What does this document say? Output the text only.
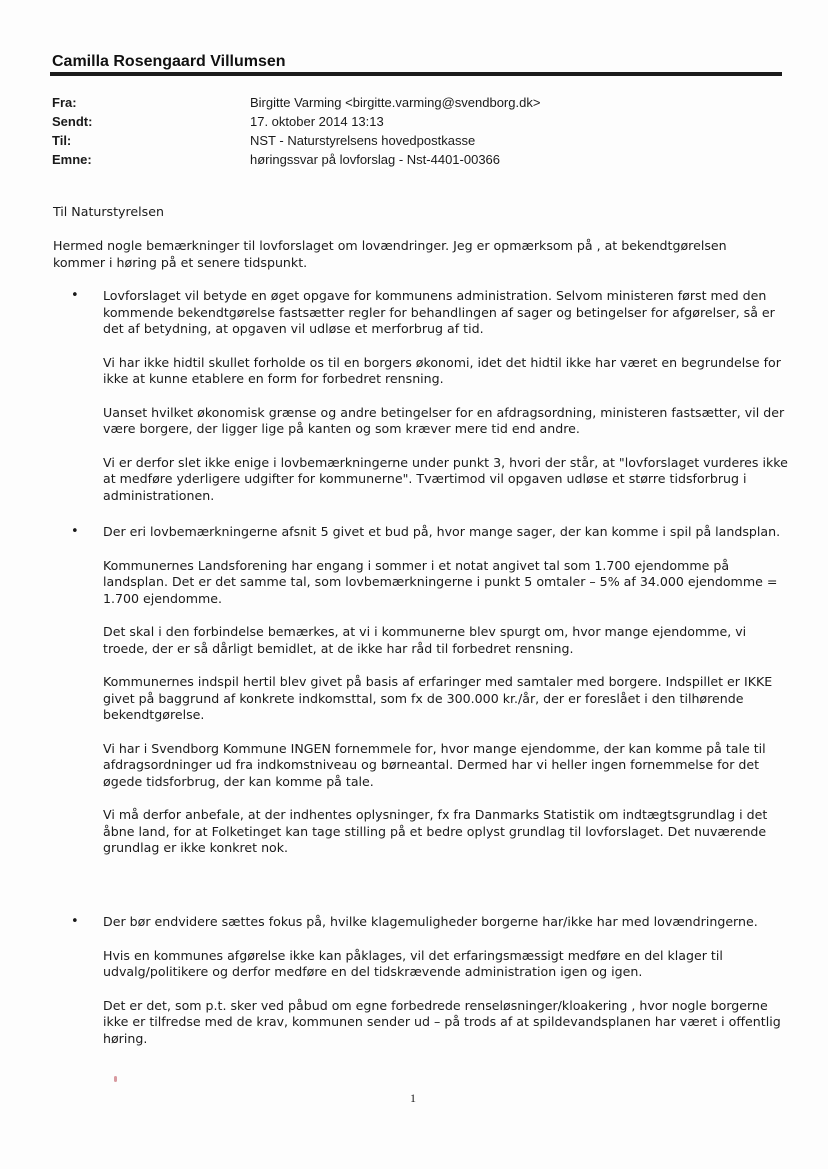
Camilla Rosengaard Villumsen
Fra:	Birgitte Varming <birgitte.varming@svendborg.dk>
Sendt:	17. oktober 2014 13:13
Til:	NST - Naturstyrelsens hovedpostkasse
Emne:	høringssvar på lovforslag - Nst-4401-00366
Til Naturstyrelsen

Hermed nogle bemærkninger til lovforslaget om lovændringer. Jeg er opmærksom på , at bekendtgørelsen kommer i høring på et senere tidspunkt.

• Lovforslaget vil betyde en øget opgave for kommunens administration. Selvom ministeren først med den kommende bekendtgørelse fastsætter regler for behandlingen af sager og betingelser for afgørelser, så er det af betydning, at opgaven vil udløse et merforbrug af tid.

Vi har ikke hidtil skullet forholde os til en borgers økonomi, idet det hidtil ikke har været en begrundelse for ikke at kunne etablere en form for forbedret rensning.

Uanset hvilket økonomisk grænse og andre betingelser for en afdragsordning, ministeren fastsætter, vil der være borgere, der ligger lige på kanten og som kræver mere tid end andre.

Vi er derfor slet ikke enige i lovbemærkningerne under punkt 3, hvori der står, at "lovforslaget vurderes ikke at medføre yderligere udgifter for kommunerne". Tværtimod vil opgaven udløse et større tidsforbrug i administrationen.

• Der eri lovbemærkningerne afsnit 5 givet et bud på, hvor mange sager, der kan komme i spil på landsplan.

Kommunernes Landsforening har engang i sommer i et notat angivet tal som 1.700 ejendomme på landsplan. Det er det samme tal, som lovbemærkningerne i punkt 5 omtaler – 5% af 34.000 ejendomme = 1.700 ejendomme.

Det skal i den forbindelse bemærkes, at vi i kommunerne blev spurgt om, hvor mange ejendomme, vi troede, der er så dårligt bemidlet, at de ikke har råd til forbedret rensning.

Kommunernes indspil hertil blev givet på basis af erfaringer med samtaler med borgere. Indspillet er IKKE givet på baggrund af konkrete indkomsttal, som fx de 300.000 kr./år, der er foreslået i den tilhørende bekendtgørelse.

Vi har i Svendborg Kommune INGEN fornemmele for, hvor mange ejendomme, der kan komme på tale til afdragsordninger ud fra indkomstniveau og børneantal. Dermed har vi heller ingen fornemmelse for det øgede tidsforbrug, der kan komme på tale.

Vi må derfor anbefale, at der indhentes oplysninger, fx fra Danmarks Statistik om indtægtsgrundlag i det åbne land, for at Folketinget kan tage stilling på et bedre oplyst grundlag til lovforslaget. Det nuværende grundlag er ikke konkret nok.

• Der bør endvidere sættes fokus på, hvilke klagemuligheder borgerne har/ikke har med lovændringerne.

Hvis en kommunes afgørelse ikke kan påklages, vil det erfaringsmæssigt medføre en del klager til udvalg/politikere og derfor medføre en del tidskrævende administration igen og igen.

Det er det, som p.t. sker ved påbud om egne forbedrede renseløsninger/kloakering , hvor nogle borgerne ikke er tilfredse med de krav, kommunen sender ud – på trods af at spildevandsplanen har været i offentlig høring.

1
